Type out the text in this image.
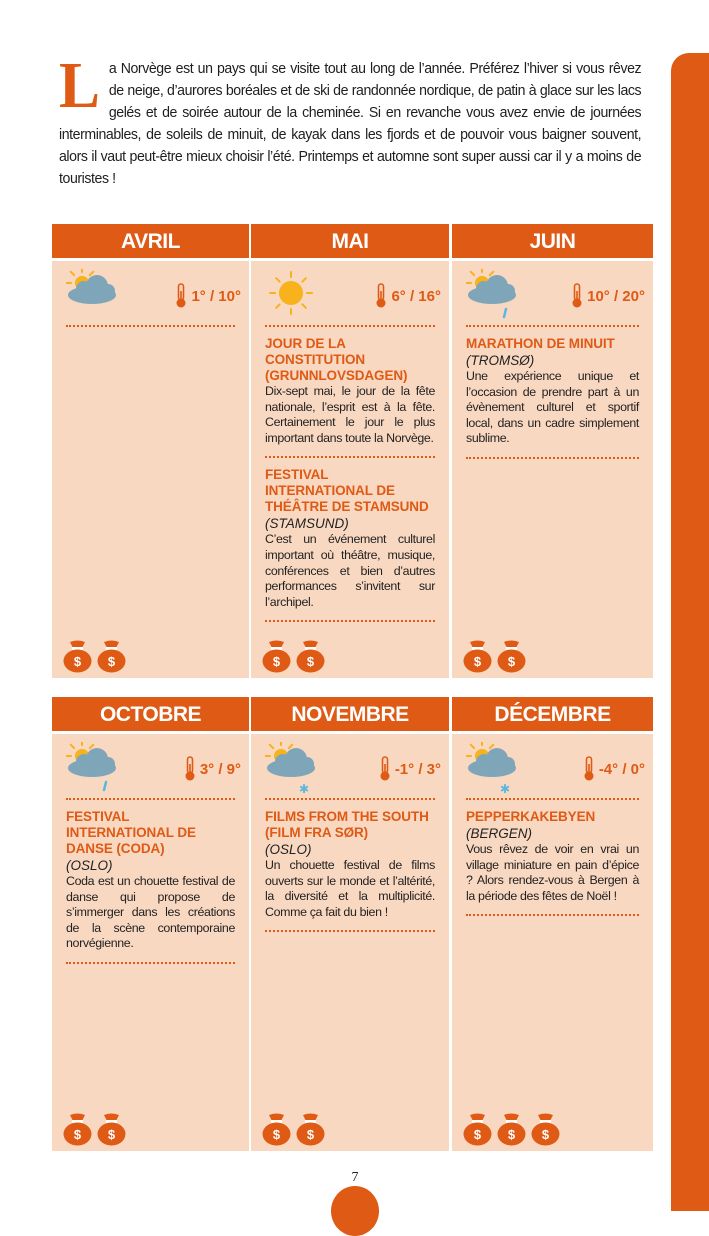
La Norvège est un pays qui se visite tout au long de l’année. Préférez l’hiver si vous rêvez de neige, d’aurores boréales et de ski de randonnée nordique, de patin à glace sur les lacs gelés et de soirée autour de la cheminée. Si en revanche vous avez envie de journées interminables, de soleils de minuit, de kayak dans les fjords et de pouvoir vous baigner souvent, alors il vaut peut-être mieux choisir l’été. Printemps et automne sont super aussi car il y a moins de touristes !

AVRIL
1° / 10°
$ $
MAI
6° / 16°
JOUR DE LA CONSTITUTION (GRUNNLOVSDAGEN)
Dix-sept mai, le jour de la fête nationale, l’esprit est à la fête. Certainement le jour le plus important dans toute la Norvège.
FESTIVAL INTERNATIONAL DE THÉÂTRE DE STAMSUND
(STAMSUND)
C’est un événement culturel important où théâtre, musique, conférences et bien d’autres performances s’invitent sur l’archipel.
$ $
JUIN
10° / 20°
MARATHON DE MINUIT
(TROMSØ)
Une expérience unique et l’occasion de prendre part à un évènement culturel et sportif local, dans un cadre simplement sublime.
$ $
OCTOBRE
3° / 9°
FESTIVAL INTERNATIONAL DE DANSE (CODA)
(OSLO)
Coda est un chouette festival de danse qui propose de s’immerger dans les créations de la scène contemporaine norvégienne.
$ $
NOVEMBRE
✱
-1° / 3°
FILMS FROM THE SOUTH (FILM FRA SØR)
(OSLO)
Un chouette festival de films ouverts sur le monde et l’altérité, la diversité et la multiplicité. Comme ça fait du bien !
$ $
DÉCEMBRE
✱
-4° / 0°
PEPPERKAKEBYEN
(BERGEN)
Vous rêvez de voir en vrai un village miniature en pain d’épice ? Alors rendez-vous à Bergen à la période des fêtes de Noël !
$ $ $
7
